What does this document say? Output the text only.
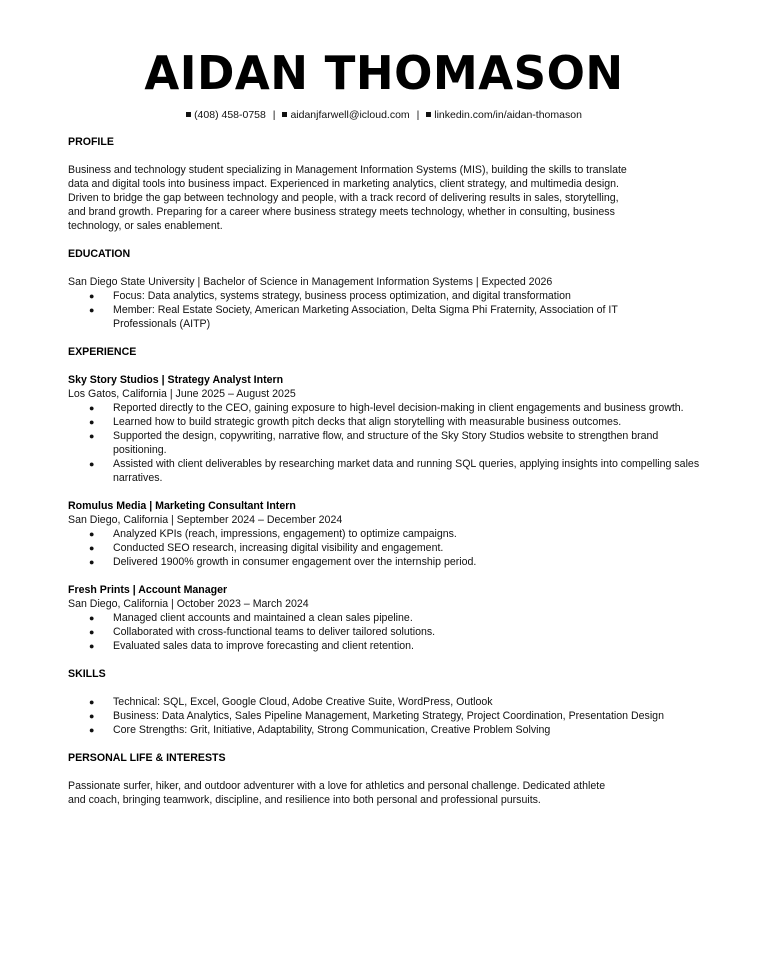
AIDAN THOMASON
(408) 458-0758 | aidanjfarwell@icloud.com | linkedin.com/in/aidan-thomason

PROFILE

Business and technology student specializing in Management Information Systems (MIS), building the skills to translate data and digital tools into business impact. Experienced in marketing analytics, client strategy, and multimedia design. Driven to bridge the gap between technology and people, with a track record of delivering results in sales, storytelling, and brand growth. Preparing for a career where business strategy meets technology, whether in consulting, business technology, or sales enablement.

EDUCATION

San Diego State University | Bachelor of Science in Management Information Systems | Expected 2026

● Focus: Data analytics, systems strategy, business process optimization, and digital transformation
● Member: Real Estate Society, American Marketing Association, Delta Sigma Phi Fraternity, Association of IT Professionals (AITP)

EXPERIENCE

Sky Story Studios | Strategy Analyst Intern

Los Gatos, California | June 2025 – August 2025

● Reported directly to the CEO, gaining exposure to high-level decision-making in client engagements and business growth.
● Learned how to build strategic growth pitch decks that align storytelling with measurable business outcomes.
● Supported the design, copywriting, narrative flow, and structure of the Sky Story Studios website to strengthen brand positioning.
● Assisted with client deliverables by researching market data and running SQL queries, applying insights into compelling sales narratives.

Romulus Media | Marketing Consultant Intern

San Diego, California | September 2024 – December 2024

● Analyzed KPIs (reach, impressions, engagement) to optimize campaigns.
● Conducted SEO research, increasing digital visibility and engagement.
● Delivered 1900% growth in consumer engagement over the internship period.

Fresh Prints | Account Manager

San Diego, California | October 2023 – March 2024

● Managed client accounts and maintained a clean sales pipeline.
● Collaborated with cross-functional teams to deliver tailored solutions.
● Evaluated sales data to improve forecasting and client retention.

SKILLS

● Technical: SQL, Excel, Google Cloud, Adobe Creative Suite, WordPress, Outlook
● Business: Data Analytics, Sales Pipeline Management, Marketing Strategy, Project Coordination, Presentation Design
● Core Strengths: Grit, Initiative, Adaptability, Strong Communication, Creative Problem Solving

PERSONAL LIFE & INTERESTS

Passionate surfer, hiker, and outdoor adventurer with a love for athletics and personal challenge. Dedicated athlete and coach, bringing teamwork, discipline, and resilience into both personal and professional pursuits.
